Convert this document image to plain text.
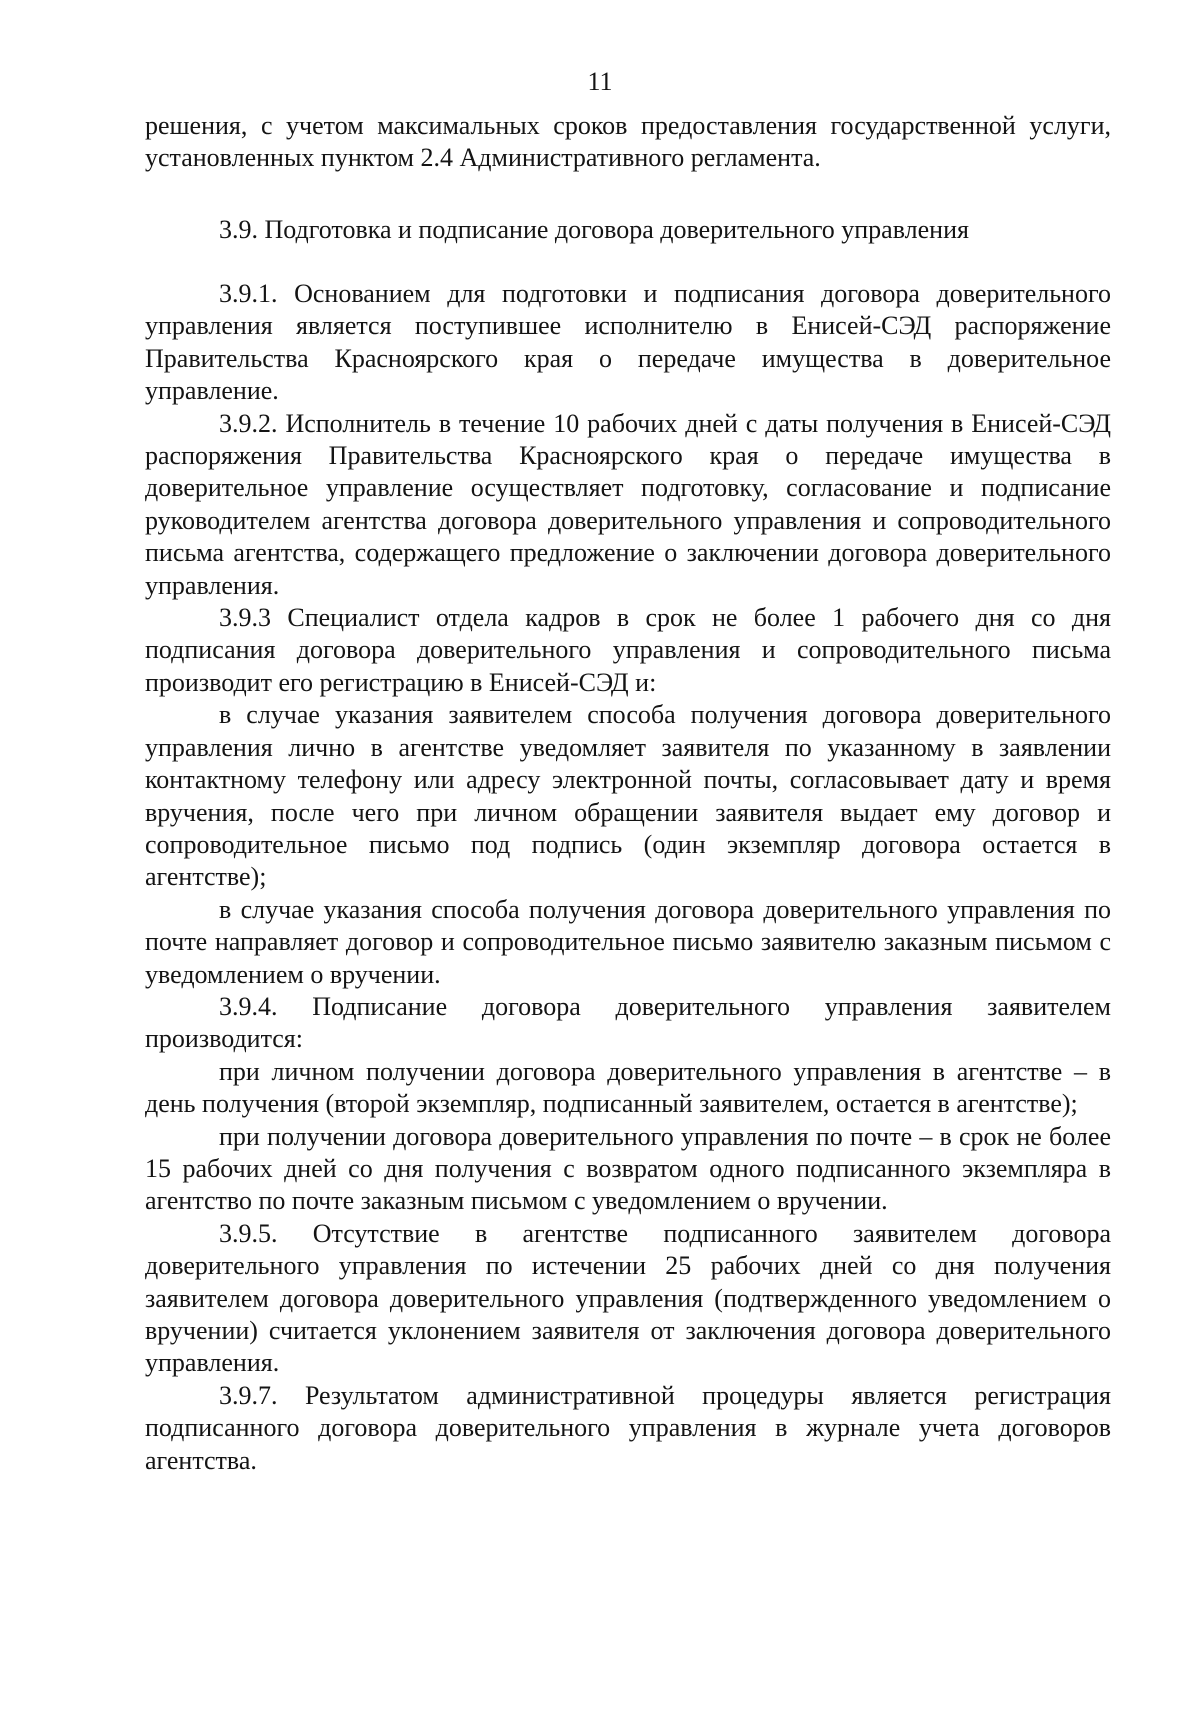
11

решения, с учетом максимальных сроков предоставления государственной услуги, установленных пунктом 2.4 Административного регламента.

3.9. Подготовка и подписание договора доверительного управления

3.9.1. Основанием для подготовки и подписания договора доверительного управления является поступившее исполнителю в Енисей-СЭД распоряжение Правительства Красноярского края о передаче имущества в доверительное управление.

3.9.2. Исполнитель в течение 10 рабочих дней с даты получения в Енисей-СЭД распоряжения Правительства Красноярского края о передаче имущества в доверительное управление осуществляет подготовку, согласование и подписание руководителем агентства договора доверительного управления и сопроводительного письма агентства, содержащего предложение о заключении договора доверительного управления.

3.9.3 Специалист отдела кадров в срок не более 1 рабочего дня со дня подписания договора доверительного управления и сопроводительного письма производит его регистрацию в Енисей-СЭД и:

в случае указания заявителем способа получения договора доверительного управления лично в агентстве уведомляет заявителя по указанному в заявлении контактному телефону или адресу электронной почты, согласовывает дату и время вручения, после чего при личном обращении заявителя выдает ему договор и сопроводительное письмо под подпись (один экземпляр договора остается в агентстве);

в случае указания способа получения договора доверительного управления по почте направляет договор и сопроводительное письмо заявителю заказным письмом с уведомлением о вручении.

3.9.4. Подписание договора доверительного управления заявителем производится:

при личном получении договора доверительного управления в агентстве – в день получения (второй экземпляр, подписанный заявителем, остается в агентстве);

при получении договора доверительного управления по почте – в срок не более 15 рабочих дней со дня получения с возвратом одного подписанного экземпляра в агентство по почте заказным письмом с уведомлением о вручении.

3.9.5. Отсутствие в агентстве подписанного заявителем договора доверительного управления по истечении 25 рабочих дней со дня получения заявителем договора доверительного управления (подтвержденного уведомлением о вручении) считается уклонением заявителя от заключения договора доверительного управления.

3.9.7. Результатом административной процедуры является регистрация подписанного договора доверительного управления в журнале учета договоров агентства.
